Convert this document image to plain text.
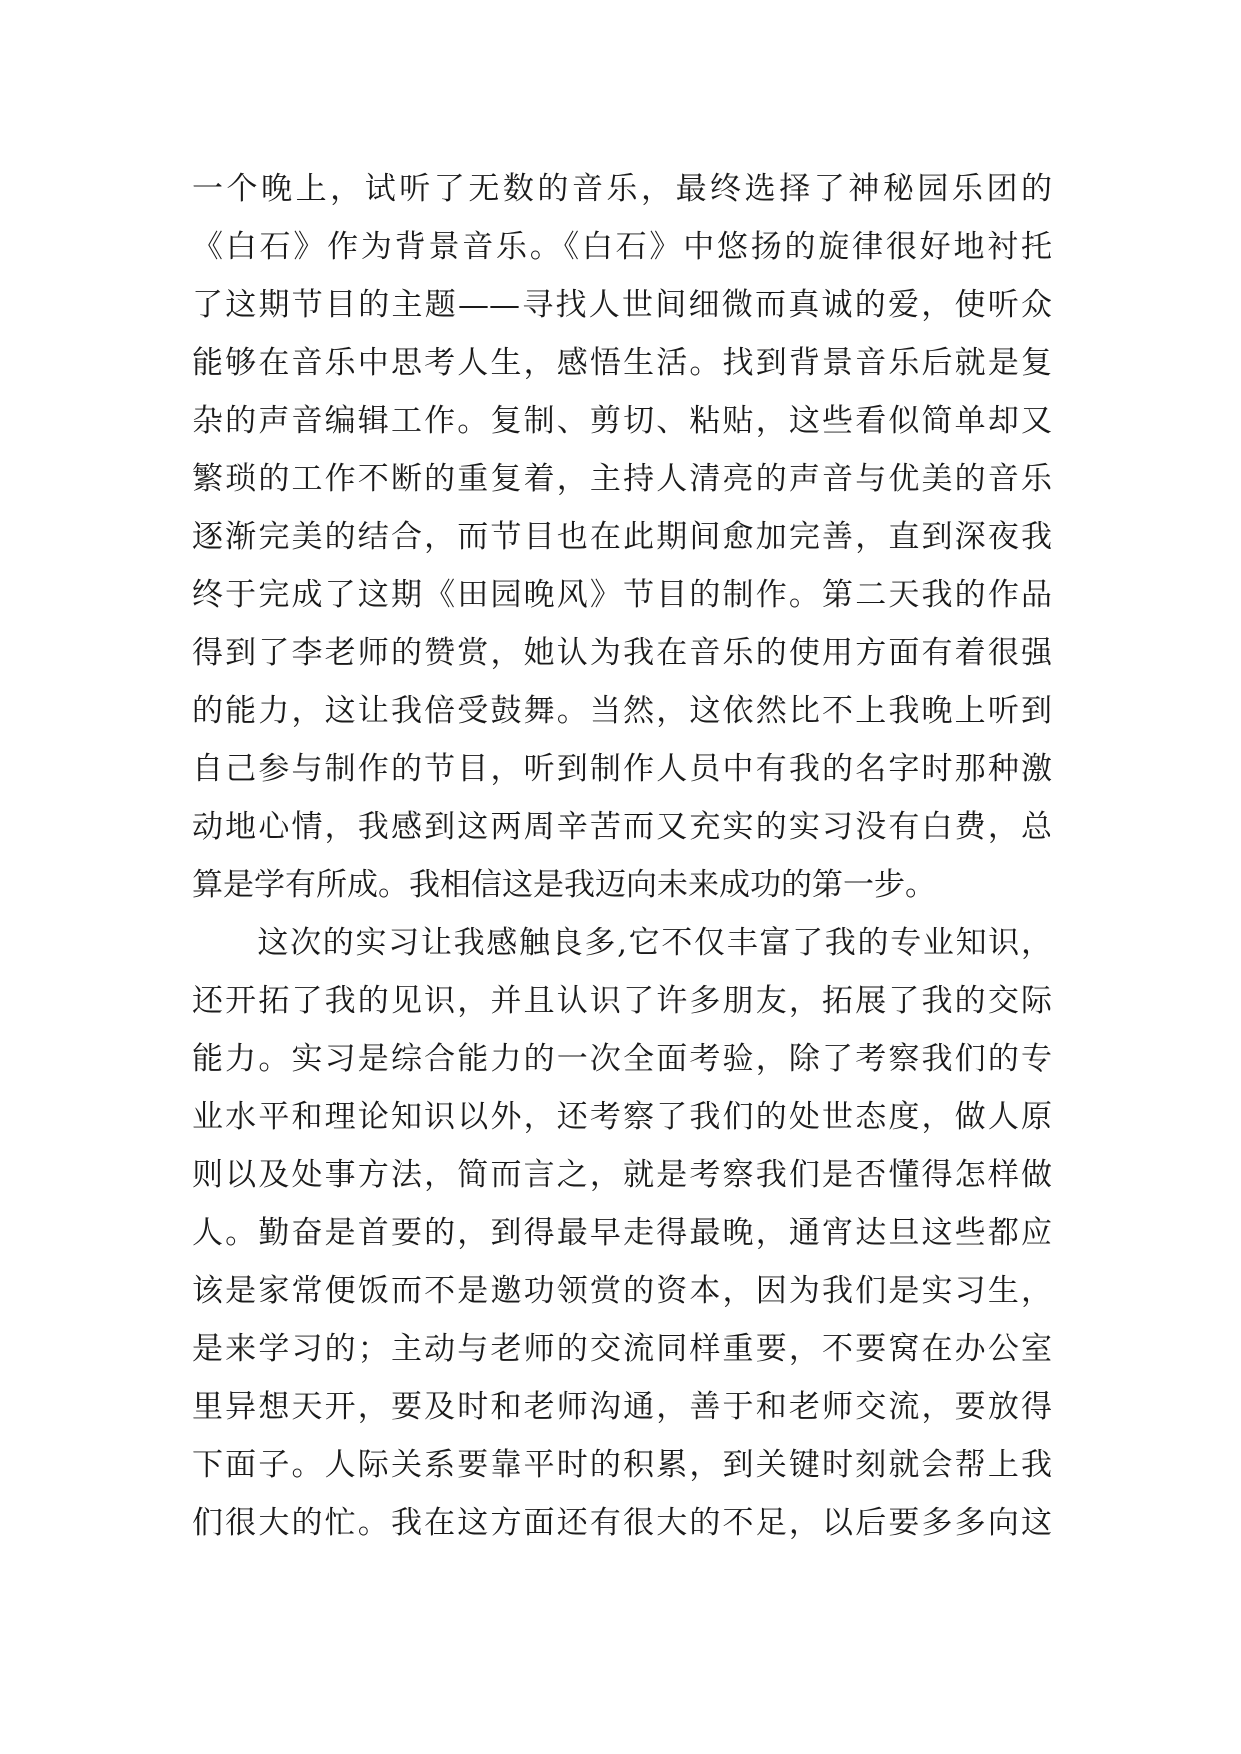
一个晚上，试听了无数的音乐，最终选择了神秘园乐团的
《白石》作为背景音乐。《白石》中悠扬的旋律很好地衬托
了这期节目的主题——寻找人世间细微而真诚的爱，使听众
能够在音乐中思考人生，感悟生活。找到背景音乐后就是复
杂的声音编辑工作。复制、剪切、粘贴，这些看似简单却又
繁琐的工作不断的重复着，主持人清亮的声音与优美的音乐
逐渐完美的结合，而节目也在此期间愈加完善，直到深夜我
终于完成了这期《田园晚风》节目的制作。第二天我的作品
得到了李老师的赞赏，她认为我在音乐的使用方面有着很强
的能力，这让我倍受鼓舞。当然，这依然比不上我晚上听到
自己参与制作的节目，听到制作人员中有我的名字时那种激
动地心情，我感到这两周辛苦而又充实的实习没有白费，总
算是学有所成。我相信这是我迈向未来成功的第一步。
　　这次的实习让我感触良多,它不仅丰富了我的专业知识，
还开拓了我的见识，并且认识了许多朋友，拓展了我的交际
能力。实习是综合能力的一次全面考验，除了考察我们的专
业水平和理论知识以外，还考察了我们的处世态度，做人原
则以及处事方法，简而言之，就是考察我们是否懂得怎样做
人。勤奋是首要的，到得最早走得最晚，通宵达旦这些都应
该是家常便饭而不是邀功领赏的资本，因为我们是实习生，
是来学习的；主动与老师的交流同样重要，不要窝在办公室
里异想天开，要及时和老师沟通，善于和老师交流，要放得
下面子。人际关系要靠平时的积累，到关键时刻就会帮上我
们很大的忙。我在这方面还有很大的不足，以后要多多向这
